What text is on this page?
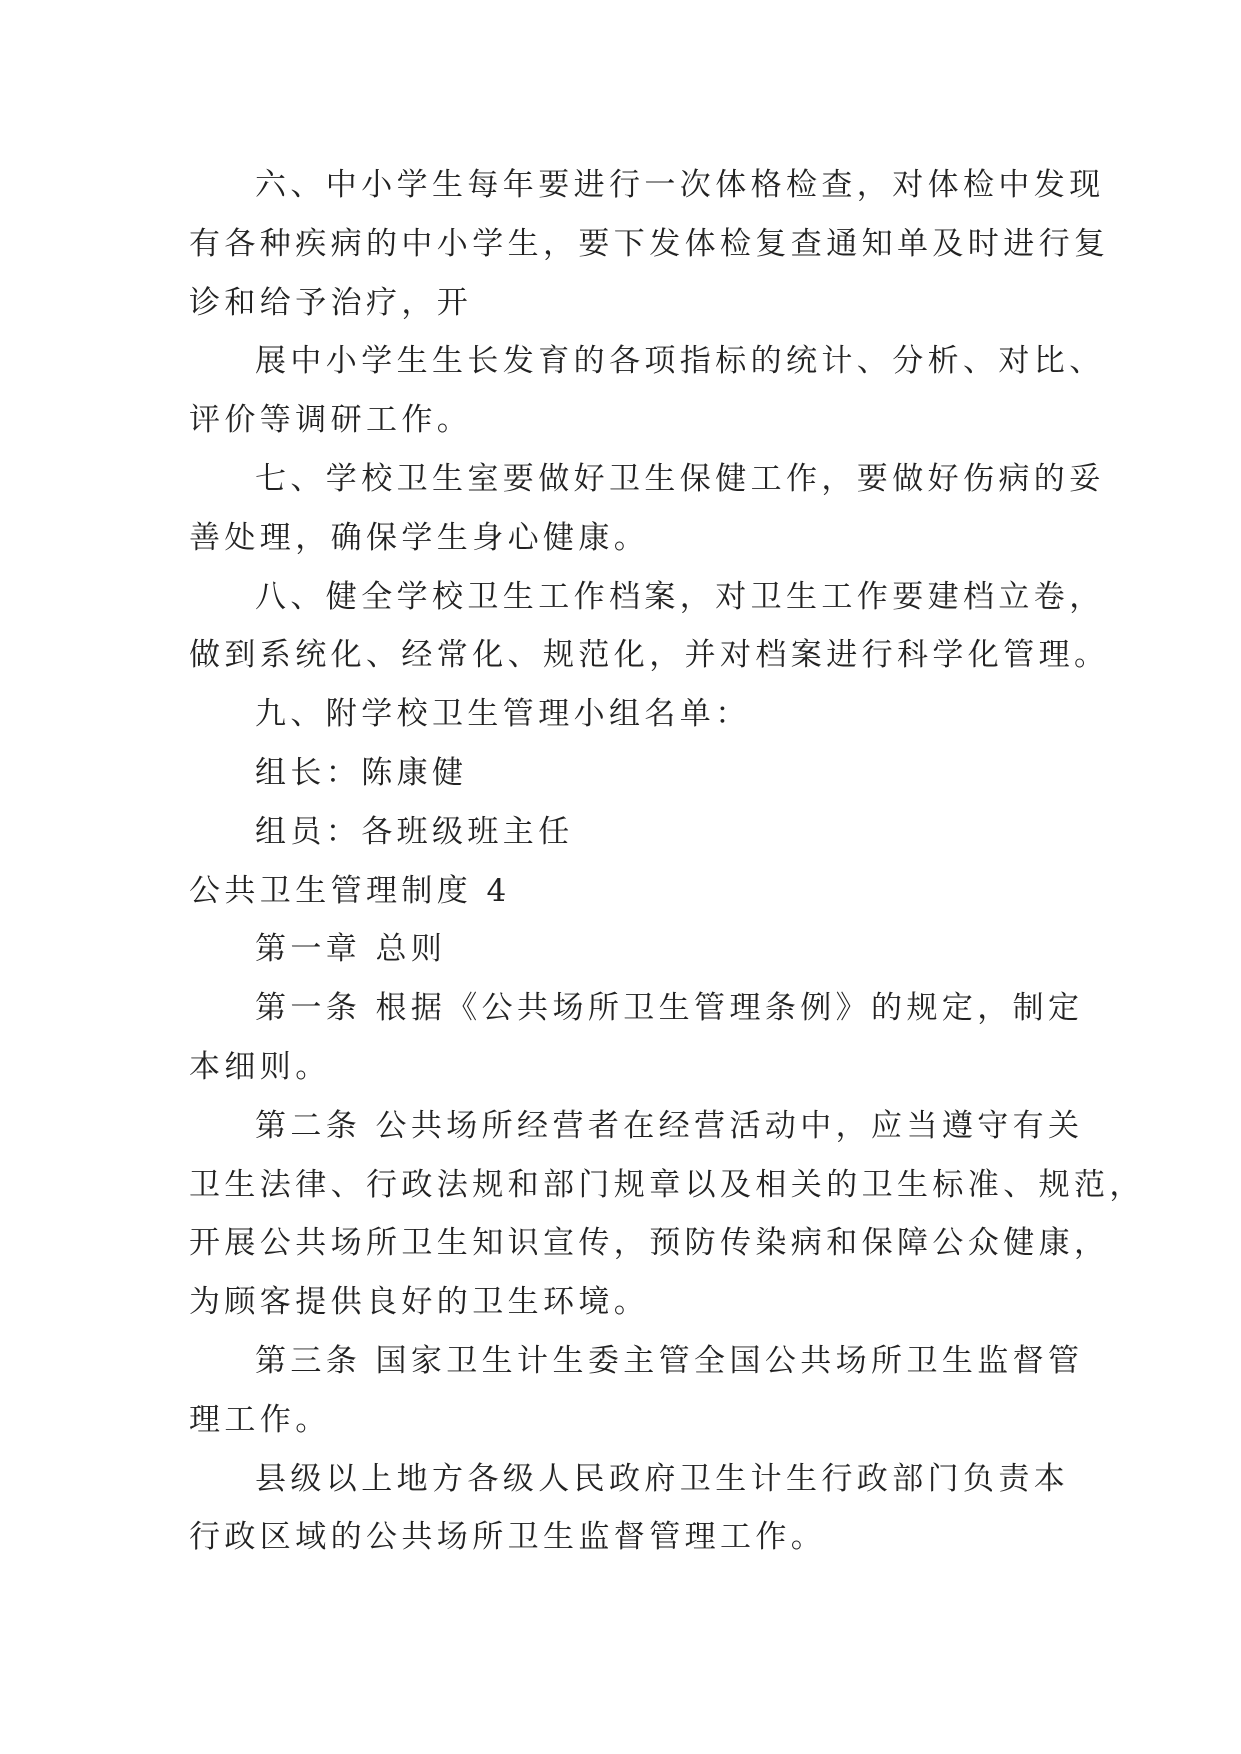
六、中小学生每年要进行一次体格检查，对体检中发现
有各种疾病的中小学生，要下发体检复查通知单及时进行复
诊和给予治疗，开
展中小学生生长发育的各项指标的统计、分析、对比、
评价等调研工作。
七、学校卫生室要做好卫生保健工作，要做好伤病的妥
善处理，确保学生身心健康。
八、健全学校卫生工作档案，对卫生工作要建档立卷，
做到系统化、经常化、规范化，并对档案进行科学化管理。
九、附学校卫生管理小组名单：
组长：陈康健
组员：各班级班主任
公共卫生管理制度 4
第一章 总则
第一条 根据《公共场所卫生管理条例》的规定，制定
本细则。
第二条 公共场所经营者在经营活动中，应当遵守有关
卫生法律、行政法规和部门规章以及相关的卫生标准、规范，
开展公共场所卫生知识宣传，预防传染病和保障公众健康，
为顾客提供良好的卫生环境。
第三条 国家卫生计生委主管全国公共场所卫生监督管
理工作。
县级以上地方各级人民政府卫生计生行政部门负责本
行政区域的公共场所卫生监督管理工作。
